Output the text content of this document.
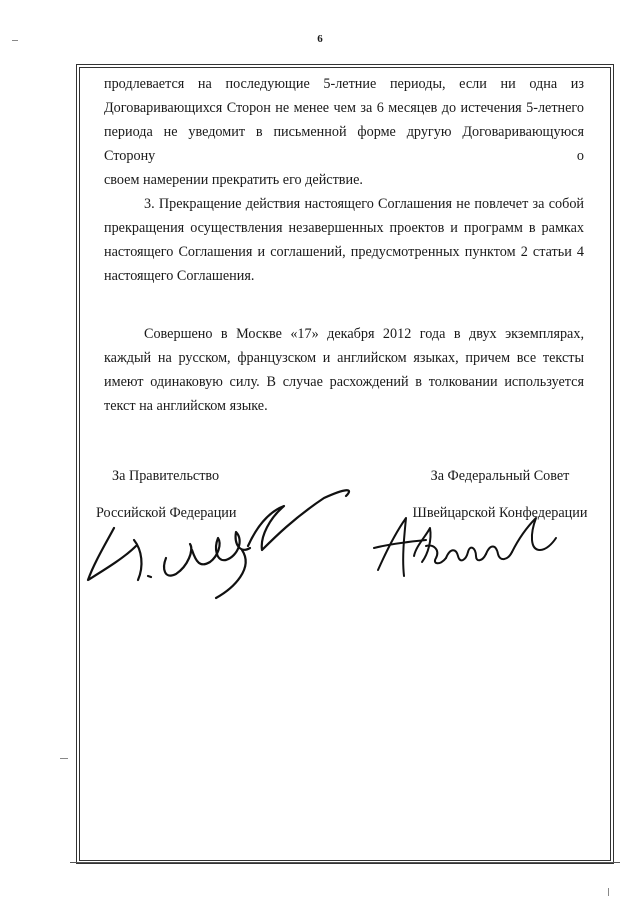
6

продлевается на последующие 5-летние периоды, если ни одна из

Договаривающихся Сторон не менее чем за 6 месяцев до истечения 5-летнего

периода не уведомит в письменной форме другую Договаривающуюся Сторону о

своем намерении прекратить его действие.

3. Прекращение действия настоящего Соглашения не повлечет за собой прекращения осуществления незавершенных проектов и программ в рамках настоящего Соглашения и соглашений, предусмотренных пунктом 2 статьи 4 настоящего Соглашения.

Совершено в Москве «17» декабря 2012 года в двух экземплярах, каждый на русском, французском и английском языках, причем все тексты имеют одинаковую силу. В случае расхождений в толковании используется текст на английском языке.

За Правительство
Российской Федерации
За Федеральный Совет
Швейцарской Конфедерации
